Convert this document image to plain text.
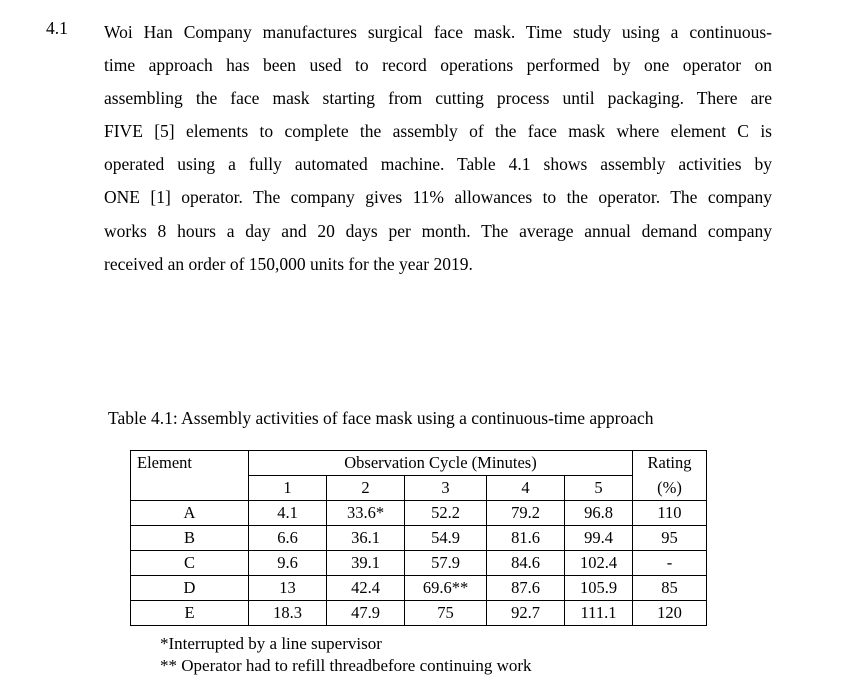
4.1 Woi Han Company manufactures surgical face mask. Time study using a continuous-
time approach has been used to record operations performed by one operator on
assembling the face mask starting from cutting process until packaging. There are
FIVE [5] elements to complete the assembly of the face mask where element C is
operated using a fully automated machine. Table 4.1 shows assembly activities by
ONE [1] operator. The company gives 11% allowances to the operator. The company
works 8 hours a day and 20 days per month. The average annual demand company
received an order of 150,000 units for the year 2019.
Table 4.1: Assembly activities of face mask using a continuous-time approach
Element	Observation Cycle (Minutes)					Rating
	1	2	3	4	5	(%)
A	4.1	33.6*	52.2	79.2	96.8	110
B	6.6	36.1	54.9	81.6	99.4	95
C	9.6	39.1	57.9	84.6	102.4	-
D	13	42.4	69.6**	87.6	105.9	85
E	18.3	47.9	75	92.7	111.1	120
*Interrupted by a line supervisor
** Operator had to refill threadbefore continuing work
